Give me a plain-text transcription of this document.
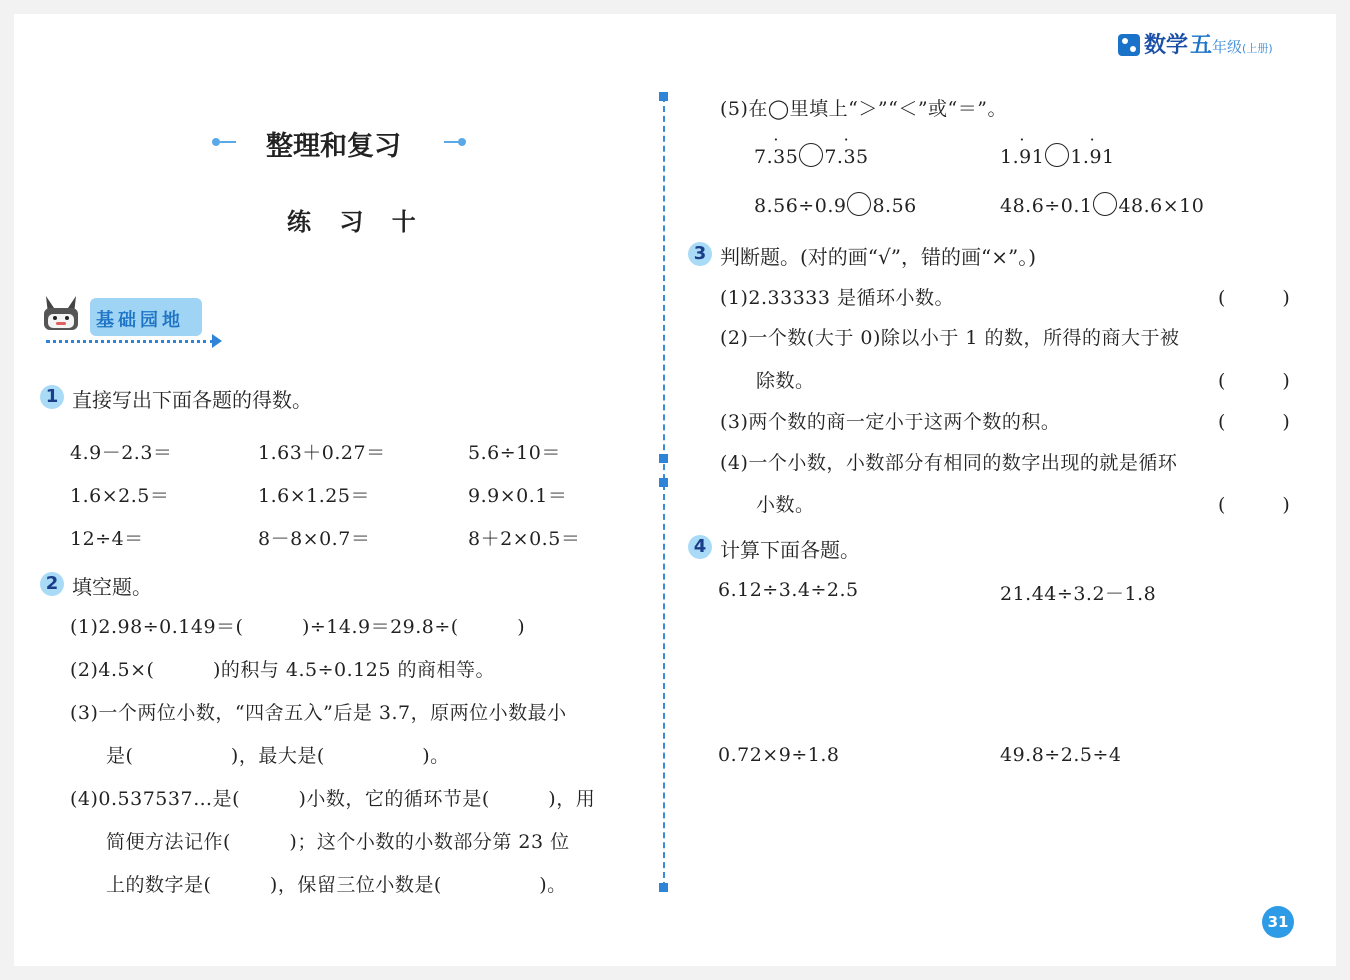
数学 五 年级 (上册)
整理和复习
练 习 十
基础园地
1 直接写出下面各题的得数。
4.9－2.3＝	1.63＋0.27＝	5.6÷10＝
1.6×2.5＝	1.6×1.25＝	9.9×0.1＝
12÷4＝	8－8×0.7＝	8＋2×0.5＝
2 填空题。
(1)2.98÷0.149＝(　　　)÷14.9＝29.8÷(　　　)
(2)4.5×(　　　)的积与 4.5÷0.125 的商相等。
(3)一个两位小数，“四舍五入”后是 3.7，原两位小数最小
是(　　　　　)，最大是(　　　　　)。
(4)0.537537…是(　　　)小数，它的循环节是(　　　)，用
简便方法记作(　　　)；这个小数的小数部分第 23 位
上的数字是(　　　)，保留三位小数是(　　　　　)。
(5)在◯里填上“＞”“＜”或“＝”。
· 7.35 · 7.35	· 1.91 · 1.91
8.56÷0.9 8.56	48.6÷0.1 48.6×10
3 判断题。(对的画“√”，错的画“×”。)
(1)2.33333 是循环小数。	(　　　)
(2)一个数(大于 0)除以小于 1 的数，所得的商大于被
除数。	(　　　)
(3)两个数的商一定小于这两个数的积。	(　　　)
(4)一个小数，小数部分有相同的数字出现的就是循环
小数。	(　　　)
4 计算下面各题。
6.12÷3.4÷2.5	21.44÷3.2－1.8
0.72×9÷1.8	49.8÷2.5÷4
31
